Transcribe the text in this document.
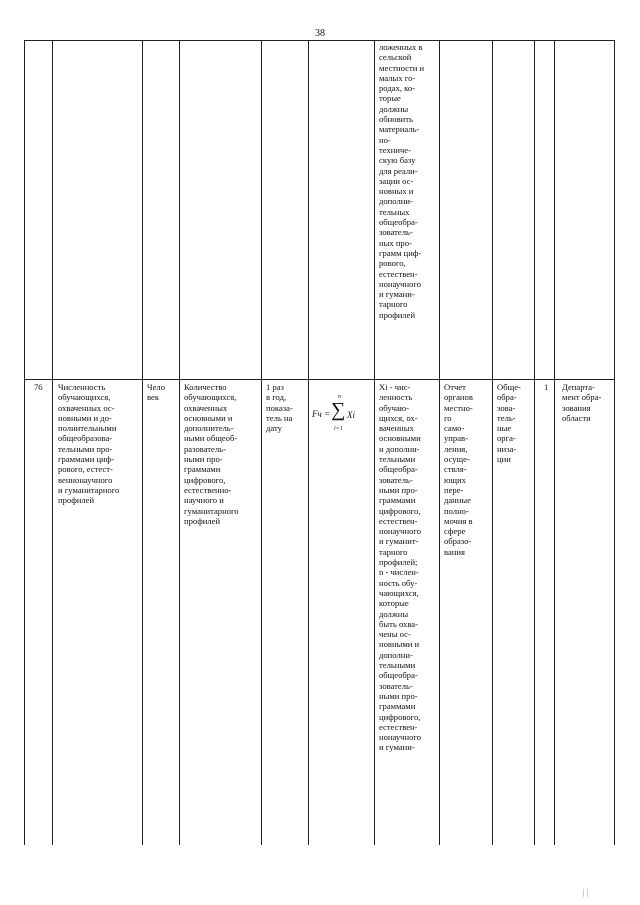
38
ложенных в
сельской
местности и
малых го-
родах, ко-
торые
должны
обновить
материаль-
но-
техниче-
скую базу
для реали-
зации ос-
новных и
дополни-
тельных
общеобра-
зователь-
ных про-
грамм циф-
рового,
естествен-
нонаучного
и гумани-
тарного
профилей
76 Численность
обучающихся,
охваченных ос-
новными и до-
полнительными
общеобразова-
тельными про-
граммами циф-
рового, естест-
веннонаучного
и гуманитарного
профилей
Чело
век
Количество
обучающихся,
охваченных
основными и
дополнитель-
ными общеоб-
разователь-
ными про-
граммами
цифрового,
естественно-
научного и
гуманитарного
профилей
1 раз
в год,
показа-
тель на
дату
Fч =
n
∑
i=1
Xi
Xi - чис-
ленность
обучаю-
щихся, ох-
ваченных
основными
и дополни-
тельными
общеобра-
зователь-
ными про-
граммами
цифрового,
естествен-
нонаучного
и гуманит-
тарного
профилей;
n - числен-
ность обу-
чающихся,
которые
должны
быть охва-
чены ос-
новными и
дополни-
тельными
общеобра-
зователь-
ными про-
граммами
цифрового,
естествен-
нонаучного
и гумани-
Отчет
органов
местно-
го
само-
управ-
ления,
осуще-
ствля-
ющих
пере-
данные
полно-
мочия в
сфере
образо-
вания
Обще-
обра-
зова-
тель-
ные
орга-
низа-
ции
1 Департа-
мент обра-
зования
области
| |
